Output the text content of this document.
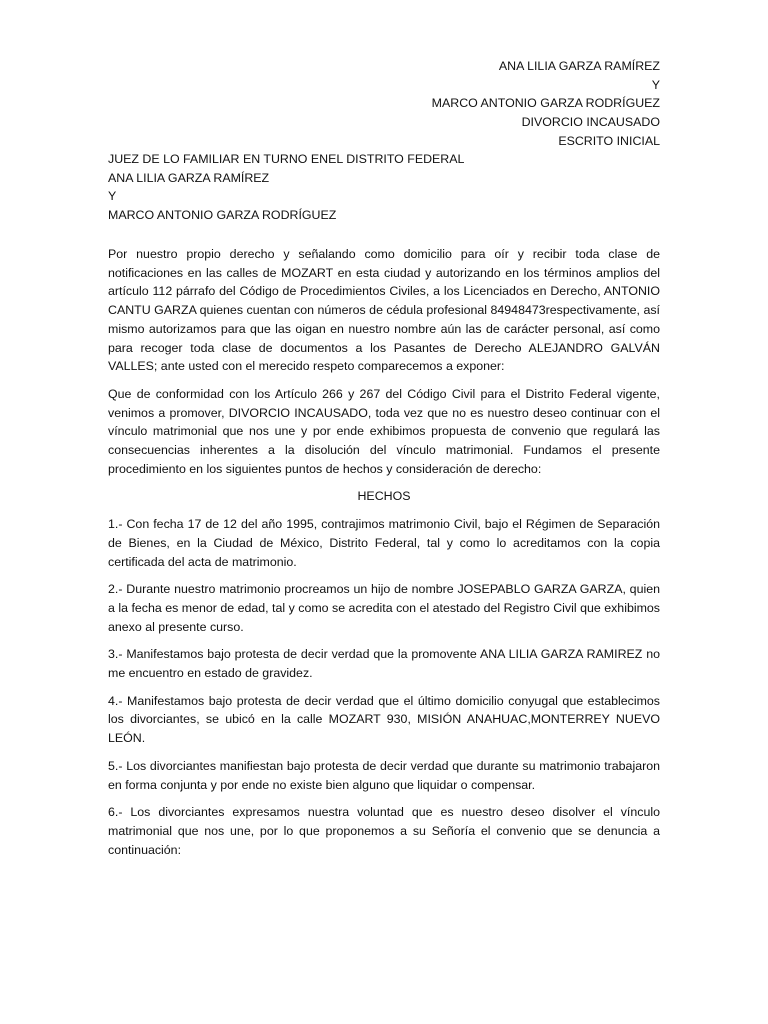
ANA LILIA GARZA RAMÍREZ
Y
MARCO ANTONIO GARZA RODRÍGUEZ
DIVORCIO INCAUSADO
ESCRITO INICIAL
JUEZ DE LO FAMILIAR EN TURNO ENEL DISTRITO FEDERAL
ANA LILIA GARZA RAMÍREZ
Y
MARCO ANTONIO GARZA RODRÍGUEZ

Por nuestro propio derecho y señalando como domicilio para oír y recibir toda clase de notificaciones en las calles de MOZART en esta ciudad y autorizando en los términos amplios del artículo 112 párrafo del Código de Procedimientos Civiles, a los Licenciados en Derecho, ANTONIO CANTU GARZA quienes cuentan con números de cédula profesional 84948473respectivamente, así mismo autorizamos para que las oigan en nuestro nombre aún las de carácter personal, así como para recoger toda clase de documentos a los Pasantes de Derecho ALEJANDRO GALVÁN VALLES; ante usted con el merecido respeto comparecemos a exponer:

Que de conformidad con los Artículo 266 y 267 del Código Civil para el Distrito Federal vigente, venimos a promover, DIVORCIO INCAUSADO, toda vez que no es nuestro deseo continuar con el vínculo matrimonial que nos une y por ende exhibimos propuesta de convenio que regulará las consecuencias inherentes a la disolución del vínculo matrimonial. Fundamos el presente procedimiento en los siguientes puntos de hechos y consideración de derecho:

HECHOS

1.- Con fecha 17 de 12 del año 1995, contrajimos matrimonio Civil, bajo el Régimen de Separación de Bienes, en la Ciudad de México, Distrito Federal, tal y como lo acreditamos con la copia certificada del acta de matrimonio.

2.- Durante nuestro matrimonio procreamos un hijo de nombre JOSEPABLO GARZA GARZA, quien a la fecha es menor de edad, tal y como se acredita con el atestado del Registro Civil que exhibimos anexo al presente curso.

3.- Manifestamos bajo protesta de decir verdad que la promovente ANA LILIA GARZA RAMIREZ no me encuentro en estado de gravidez.

4.- Manifestamos bajo protesta de decir verdad que el último domicilio conyugal que establecimos los divorciantes, se ubicó en la calle MOZART 930, MISIÓN ANAHUAC,MONTERREY NUEVO LEÓN.

5.- Los divorciantes manifiestan bajo protesta de decir verdad que durante su matrimonio trabajaron en forma conjunta y por ende no existe bien alguno que liquidar o compensar.

6.- Los divorciantes expresamos nuestra voluntad que es nuestro deseo disolver el vínculo matrimonial que nos une, por lo que proponemos a su Señoría el convenio que se denuncia a continuación:
